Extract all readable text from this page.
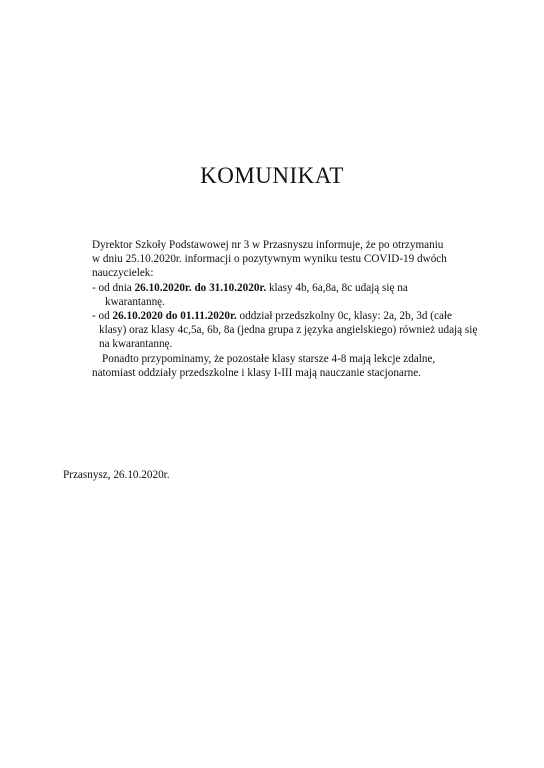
KOMUNIKAT
Dyrektor Szkoły Podstawowej nr 3 w Przasnyszu informuje, że po otrzymaniu
w dniu 25.10.2020r. informacji o pozytywnym wyniku testu COVID-19 dwóch
nauczycielek:
- od dnia 26.10.2020r. do 31.10.2020r. klasy 4b, 6a,8a, 8c udają się na
kwarantannę.
- od 26.10.2020 do 01.11.2020r. oddział przedszkolny 0c, klasy: 2a, 2b, 3d (całe
klasy) oraz klasy 4c,5a, 6b, 8a (jedna grupa z języka angielskiego) również udają się
na kwarantannę.
Ponadto przypominamy, że pozostałe klasy starsze 4-8 mają lekcje zdalne,
natomiast oddziały przedszkolne i klasy I-III mają nauczanie stacjonarne.
Przasnysz, 26.10.2020r.
